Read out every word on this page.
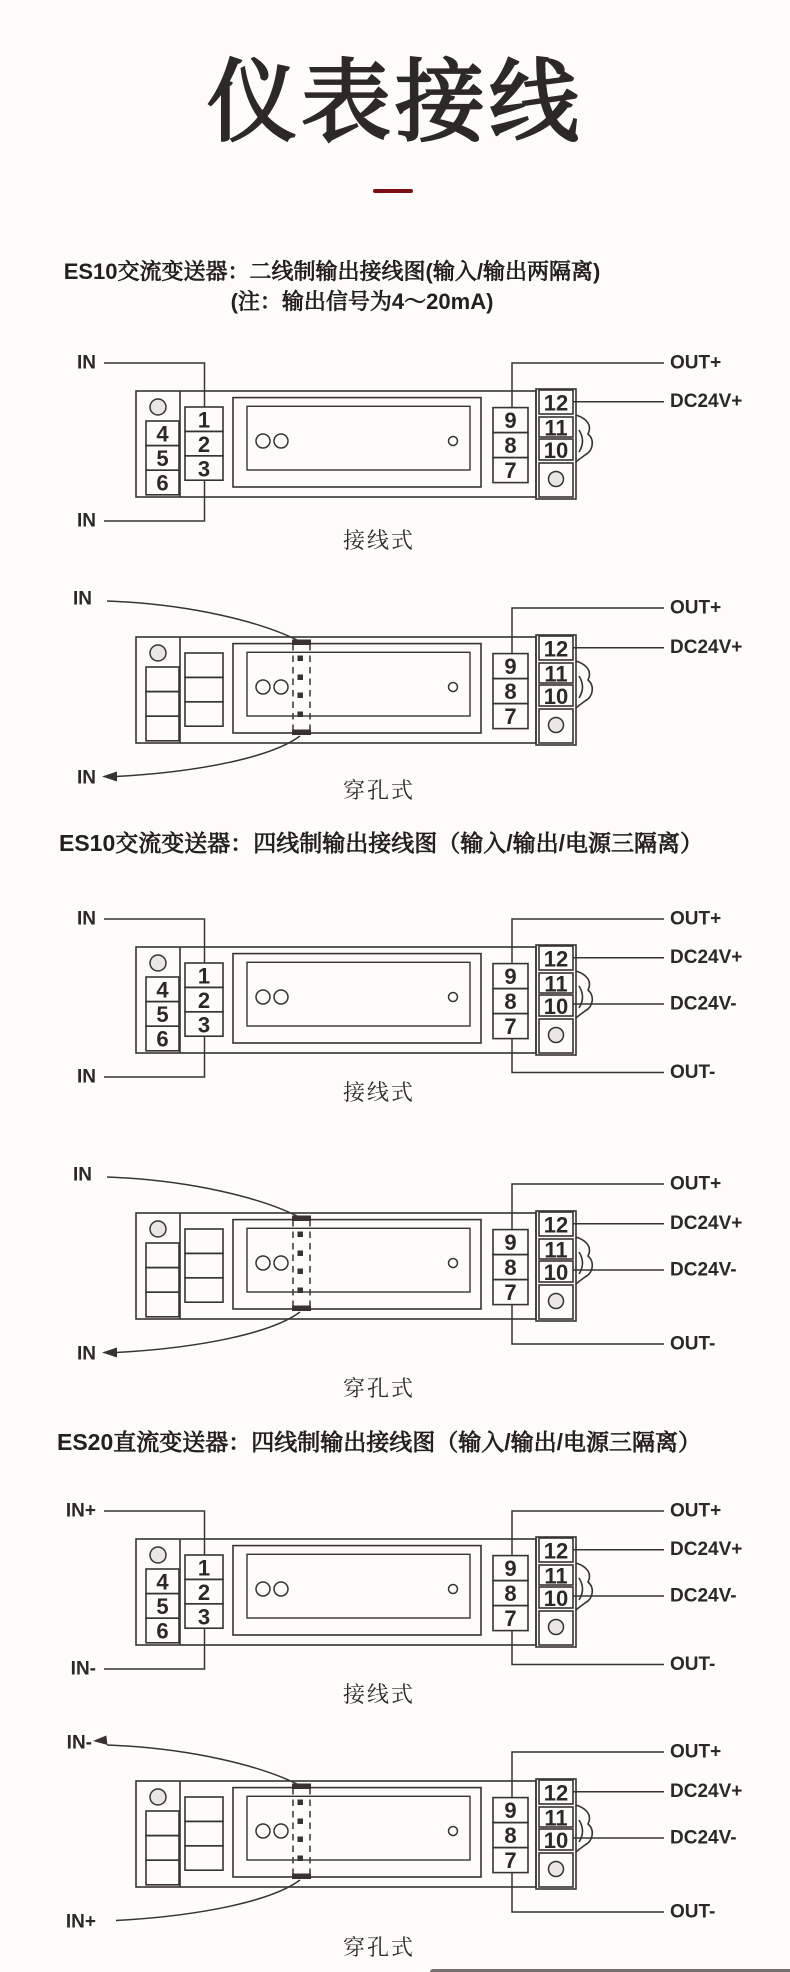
仪表接线
ES10交流变送器：二线制输出接线图(输入/输出两隔离)
(注：输出信号为4～20mA)
ES10交流变送器：四线制输出接线图（输入/输出/电源三隔离）
ES20直流变送器：四线制输出接线图（输入/输出/电源三隔离）
4
5
6
1
2
3
9
8
7
12
11
10
IN
IN
OUT+
DC24V+
接线式
9
8
7
12
11
10
IN
IN
OUT+
DC24V+
穿孔式
4
5
6
1
2
3
9
8
7
12
11
10
IN
IN
OUT+
DC24V+
DC24V-
OUT-
接线式
9
8
7
12
11
10
IN
IN
OUT+
DC24V+
DC24V-
OUT-
穿孔式
4
5
6
1
2
3
9
8
7
12
11
10
IN+
IN-
OUT+
DC24V+
DC24V-
OUT-
接线式
9
8
7
12
11
10
IN-
IN+
OUT+
DC24V+
DC24V-
OUT-
穿孔式
